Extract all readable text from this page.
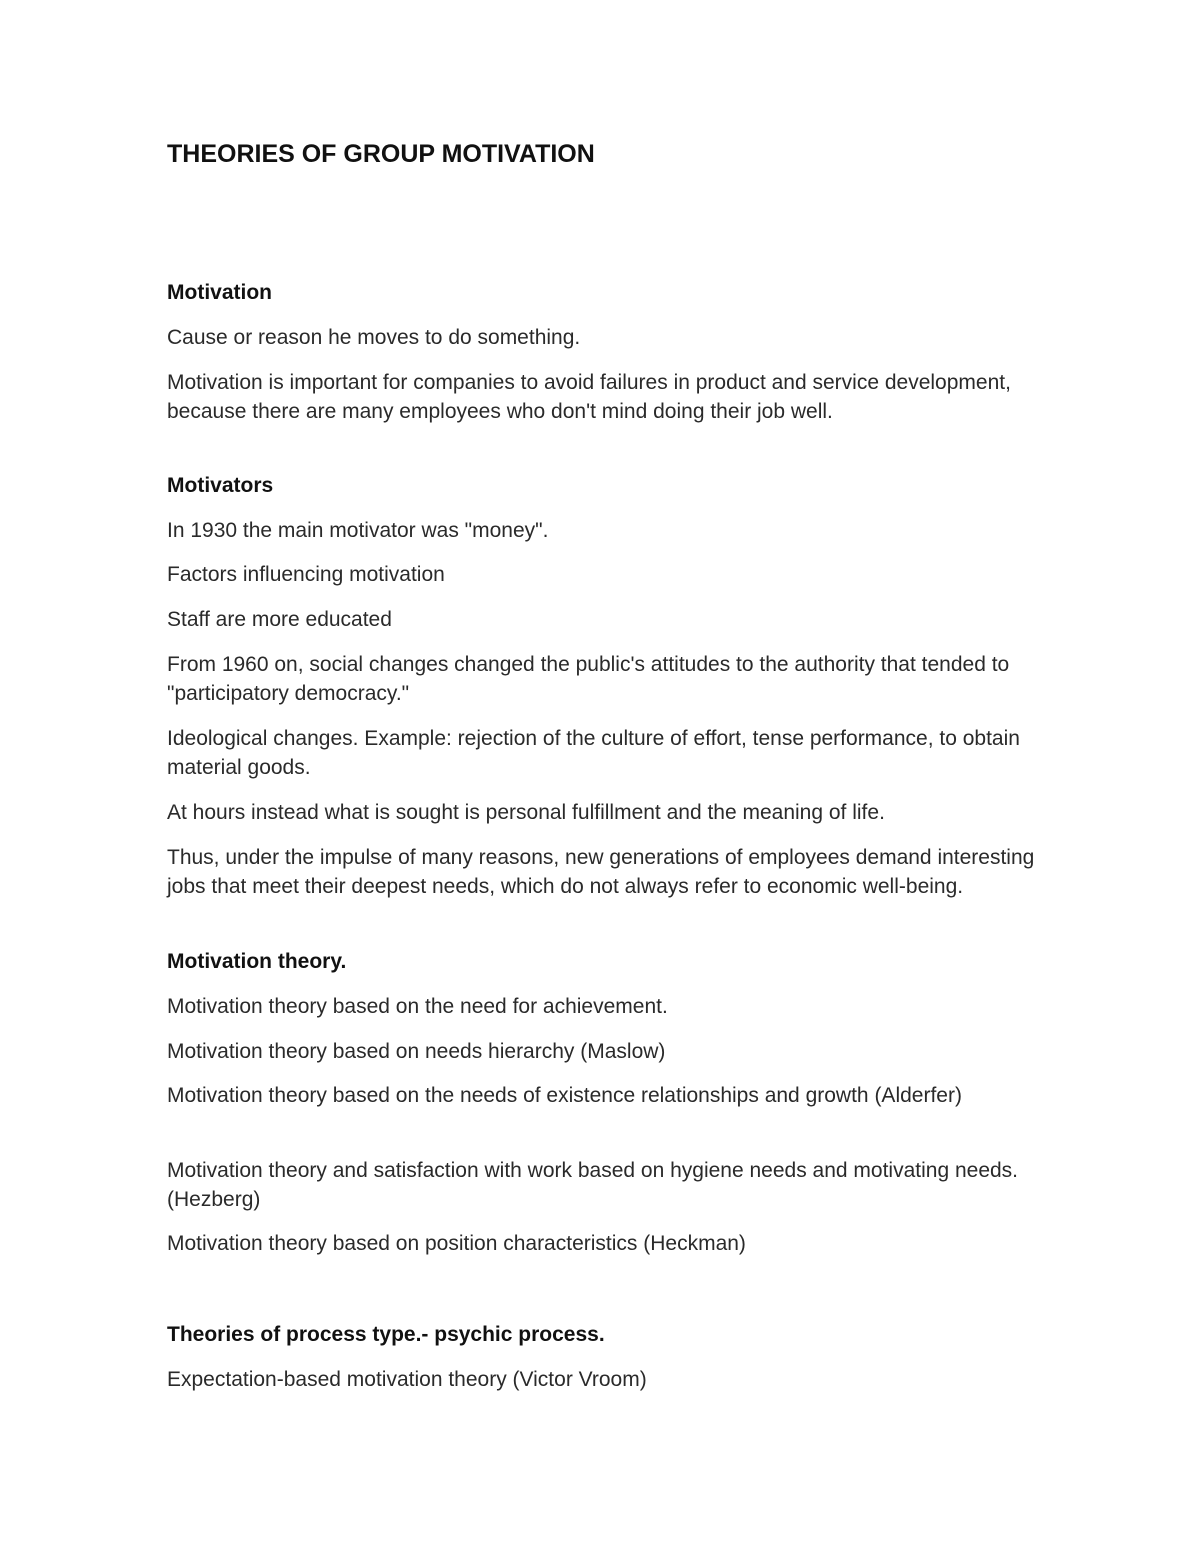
THEORIES OF GROUP MOTIVATION

Motivation

Cause or reason he moves to do something.

Motivation is important for companies to avoid failures in product and service development, because there are many employees who don't mind doing their job well.

Motivators

In 1930 the main motivator was "money".

Factors influencing motivation

Staff are more educated

From 1960 on, social changes changed the public's attitudes to the authority that tended to "participatory democracy."

Ideological changes. Example: rejection of the culture of effort, tense performance, to obtain material goods.

At hours instead what is sought is personal fulfillment and the meaning of life.

Thus, under the impulse of many reasons, new generations of employees demand interesting jobs that meet their deepest needs, which do not always refer to economic well-being.

Motivation theory.

Motivation theory based on the need for achievement.

Motivation theory based on needs hierarchy (Maslow)

Motivation theory based on the needs of existence relationships and growth (Alderfer)

Motivation theory and satisfaction with work based on hygiene needs and motivating needs. (Hezberg)

Motivation theory based on position characteristics (Heckman)

Theories of process type.- psychic process.

Expectation-based motivation theory (Victor Vroom)
